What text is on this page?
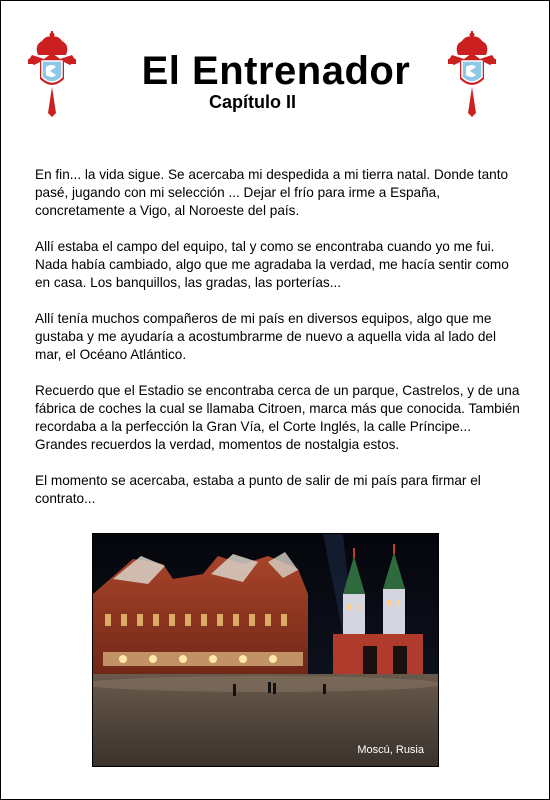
El Entrenador
Capítulo II

En fin... la vida sigue. Se acercaba mi despedida a mi tierra natal. Donde tanto pasé, jugando con mi selección ... Dejar el frío para irme a España, concretamente a Vigo, al Noroeste del país.

Allí estaba el campo del equipo, tal y como se encontraba cuando yo me fui. Nada había cambiado, algo que me agradaba la verdad, me hacía sentir como en casa. Los banquillos, las gradas, las porterías...

Allí tenía muchos compañeros de mi país en diversos equipos, algo que me gustaba y me ayudaría a acostumbrarme de nuevo a aquella vida al lado del mar, el Océano Atlántico.

Recuerdo que el Estadio se encontraba cerca de un parque, Castrelos, y de una fábrica de coches la cual se llamaba Citroen, marca más que conocida. También recordaba a la perfección la Gran Vía, el Corte Inglés, la calle Príncipe... Grandes recuerdos la verdad, momentos de nostalgia estos.

El momento se acercaba, estaba a punto de salir de mi país para firmar el contrato...

Moscú, Rusia
